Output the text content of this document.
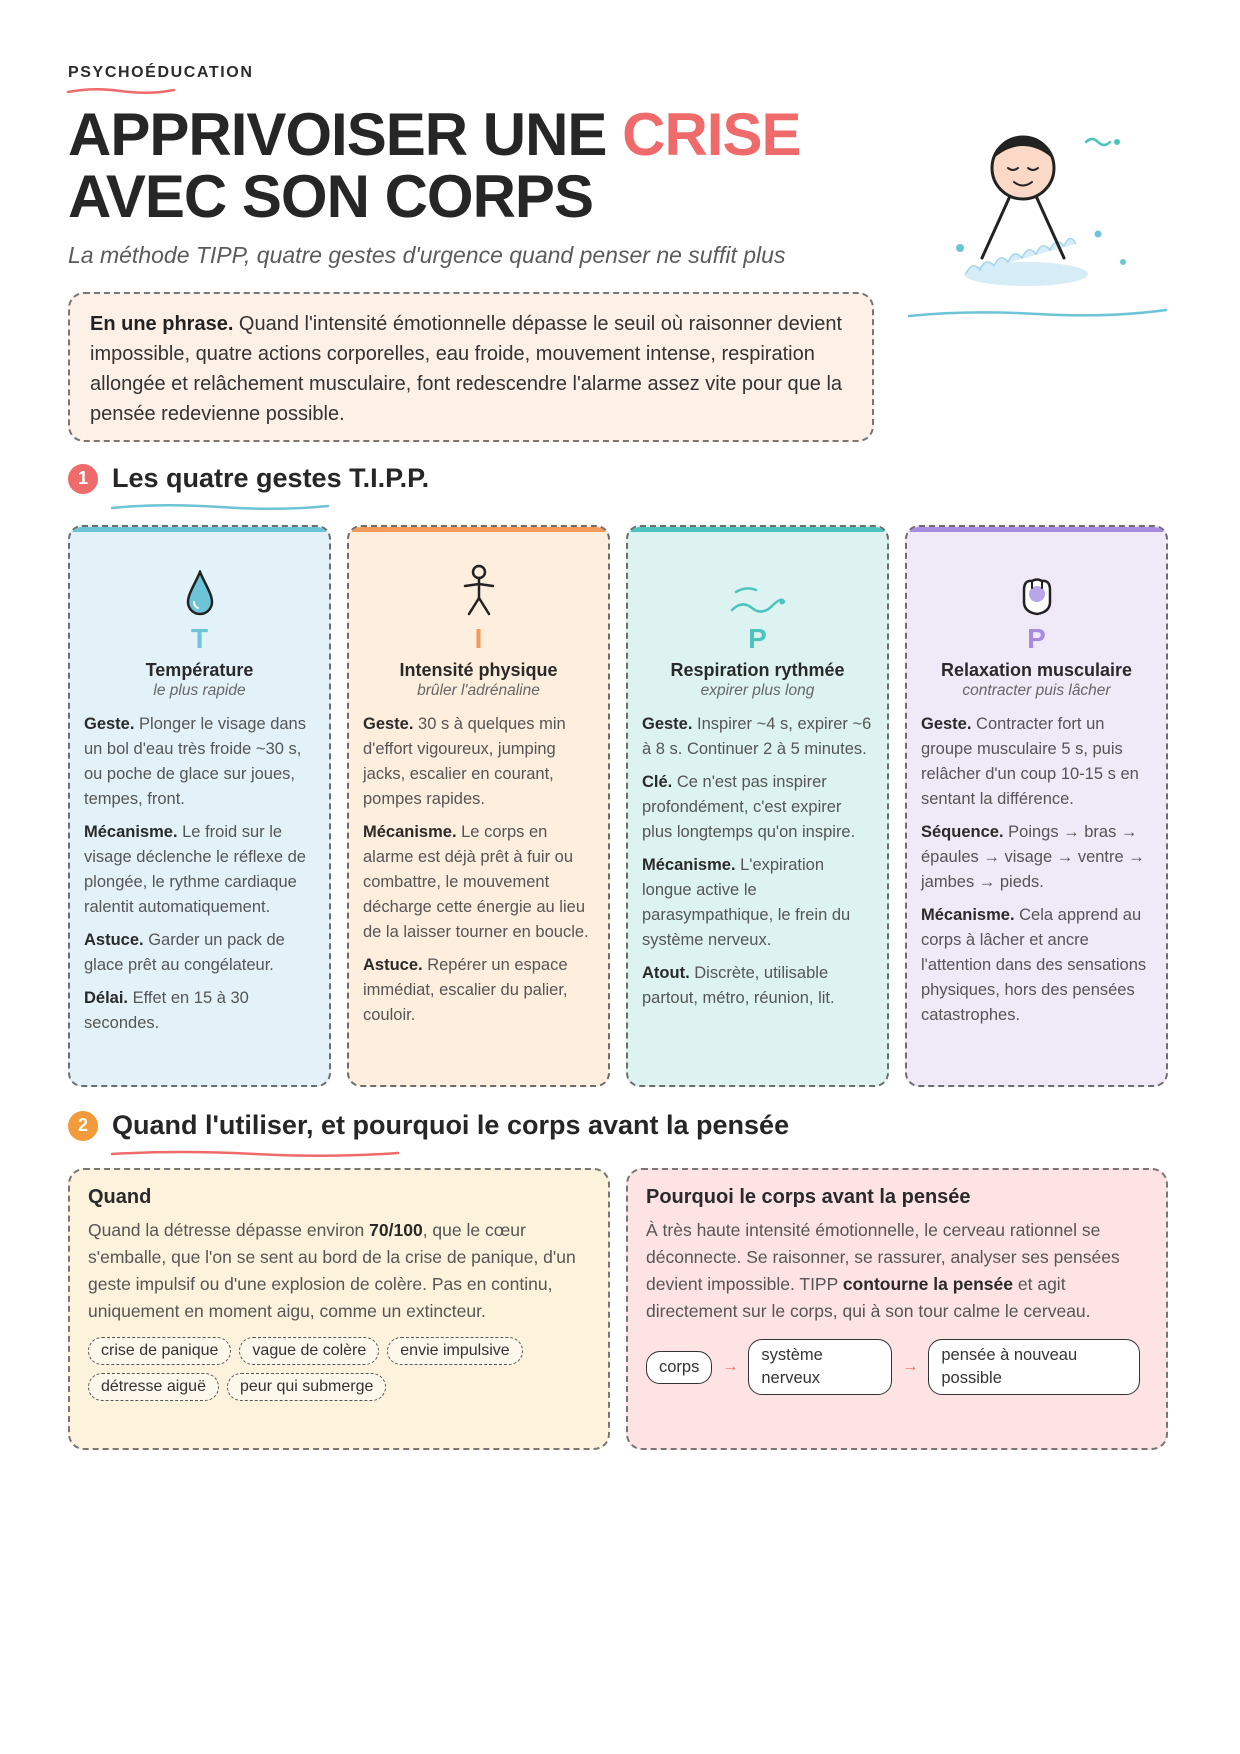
PSYCHOÉDUCATION
APPRIVOISER UNE CRISE
AVEC SON CORPS
La méthode TIPP, quatre gestes d'urgence quand penser ne suffit plus
En une phrase. Quand l'intensité émotionnelle dépasse le seuil où raisonner devient impossible, quatre actions corporelles, eau froide, mouvement intense, respiration allongée et relâchement musculaire, font redescendre l'alarme assez vite pour que la pensée redevienne possible.
1 Les quatre gestes T.I.P.P.
T
Température
le plus rapide

Geste. Plonger le visage dans un bol d'eau très froide ~30 s, ou poche de glace sur joues, tempes, front.

Mécanisme. Le froid sur le visage déclenche le réflexe de plongée, le rythme cardiaque ralentit automatiquement.

Astuce. Garder un pack de glace prêt au congélateur.

Délai. Effet en 15 à 30 secondes.

I
Intensité physique
brûler l'adrénaline

Geste. 30 s à quelques min d'effort vigoureux, jumping jacks, escalier en courant, pompes rapides.

Mécanisme. Le corps en alarme est déjà prêt à fuir ou combattre, le mouvement décharge cette énergie au lieu de la laisser tourner en boucle.

Astuce. Repérer un espace immédiat, escalier du palier, couloir.

P
Respiration rythmée
expirer plus long

Geste. Inspirer ~4 s, expirer ~6 à 8 s. Continuer 2 à 5 minutes.

Clé. Ce n'est pas inspirer profondément, c'est expirer plus longtemps qu'on inspire.

Mécanisme. L'expiration longue active le parasympathique, le frein du système nerveux.

Atout. Discrète, utilisable partout, métro, réunion, lit.

P
Relaxation musculaire
contracter puis lâcher

Geste. Contracter fort un groupe musculaire 5 s, puis relâcher d'un coup 10-15 s en sentant la différence.

Séquence. Poings → bras → épaules → visage → ventre → jambes → pieds.

Mécanisme. Cela apprend au corps à lâcher et ancre l'attention dans des sensations physiques, hors des pensées catastrophes.

2 Quand l'utiliser, et pourquoi le corps avant la pensée
Quand
Quand la détresse dépasse environ 70/100, que le cœur s'emballe, que l'on se sent au bord de la crise de panique, d'un geste impulsif ou d'une explosion de colère. Pas en continu, uniquement en moment aigu, comme un extincteur.
crise de panique	vague de colère	envie impulsive
détresse aiguë	peur qui submerge
Pourquoi le corps avant la pensée
À très haute intensité émotionnelle, le cerveau rationnel se déconnecte. Se raisonner, se rassurer, analyser ses pensées devient impossible. TIPP contourne la pensée et agit directement sur le corps, qui à son tour calme le cerveau.
corps	→
système nerveux
→
pensée à nouveau possible
